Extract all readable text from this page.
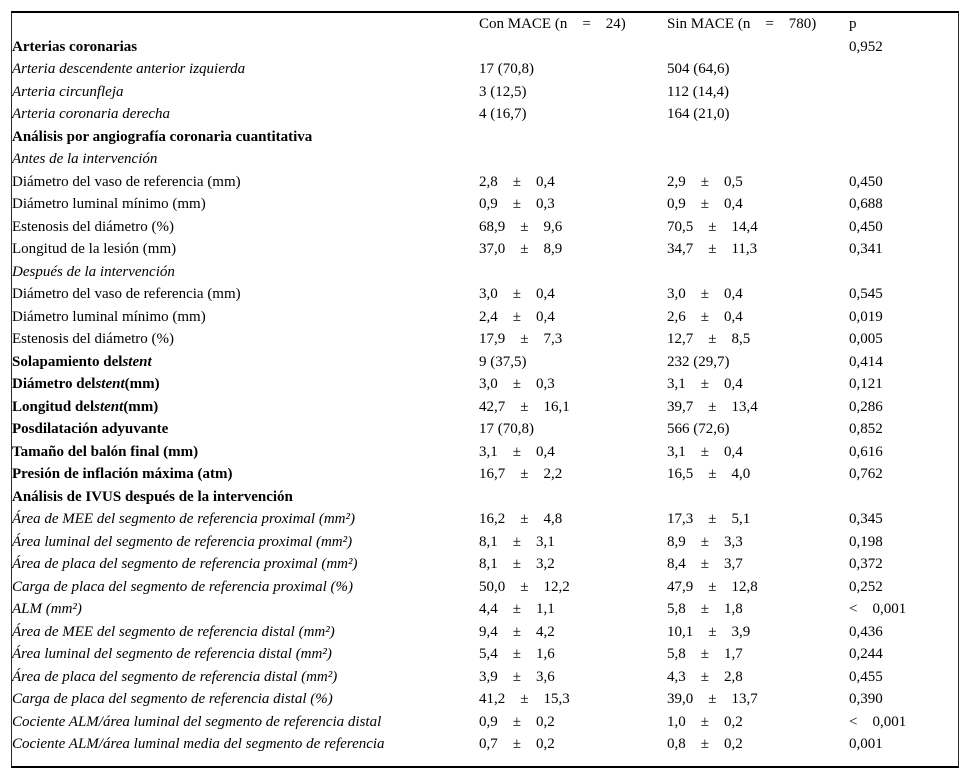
	Con MACE (n = 24)	Sin MACE (n = 780)	p
Arterias coronarias			0,952
Arteria descendente anterior izquierda	17 (70,8)	504 (64,6)	
Arteria circunfleja	3 (12,5)	112 (14,4)	
Arteria coronaria derecha	4 (16,7)	164 (21,0)	
Análisis por angiografía coronaria cuantitativa			
Antes de la intervención			
Diámetro del vaso de referencia (mm)	2,8 ± 0,4	2,9 ± 0,5	0,450
Diámetro luminal mínimo (mm)	0,9 ± 0,3	0,9 ± 0,4	0,688
Estenosis del diámetro (%)	68,9 ± 9,6	70,5 ± 14,4	0,450
Longitud de la lesión (mm)	37,0 ± 8,9	34,7 ± 11,3	0,341
Después de la intervención			
Diámetro del vaso de referencia (mm)	3,0 ± 0,4	3,0 ± 0,4	0,545
Diámetro luminal mínimo (mm)	2,4 ± 0,4	2,6 ± 0,4	0,019
Estenosis del diámetro (%)	17,9 ± 7,3	12,7 ± 8,5	0,005
Solapamiento delstent	9 (37,5)	232 (29,7)	0,414
Diámetro delstent(mm)	3,0 ± 0,3	3,1 ± 0,4	0,121
Longitud delstent(mm)	42,7 ± 16,1	39,7 ± 13,4	0,286
Posdilatación adyuvante	17 (70,8)	566 (72,6)	0,852
Tamaño del balón final (mm)	3,1 ± 0,4	3,1 ± 0,4	0,616
Presión de inflación máxima (atm)	16,7 ± 2,2	16,5 ± 4,0	0,762
Análisis de IVUS después de la intervención			
Área de MEE del segmento de referencia proximal (mm²)	16,2 ± 4,8	17,3 ± 5,1	0,345
Área luminal del segmento de referencia proximal (mm²)	8,1 ± 3,1	8,9 ± 3,3	0,198
Área de placa del segmento de referencia proximal (mm²)	8,1 ± 3,2	8,4 ± 3,7	0,372
Carga de placa del segmento de referencia proximal (%)	50,0 ± 12,2	47,9 ± 12,8	0,252
ALM (mm²)	4,4 ± 1,1	5,8 ± 1,8	< 0,001
Área de MEE del segmento de referencia distal (mm²)	9,4 ± 4,2	10,1 ± 3,9	0,436
Área luminal del segmento de referencia distal (mm²)	5,4 ± 1,6	5,8 ± 1,7	0,244
Área de placa del segmento de referencia distal (mm²)	3,9 ± 3,6	4,3 ± 2,8	0,455
Carga de placa del segmento de referencia distal (%)	41,2 ± 15,3	39,0 ± 13,7	0,390
Cociente ALM/área luminal del segmento de referencia distal	0,9 ± 0,2	1,0 ± 0,2	< 0,001
Cociente ALM/área luminal media del segmento de referencia	0,7 ± 0,2	0,8 ± 0,2	0,001
